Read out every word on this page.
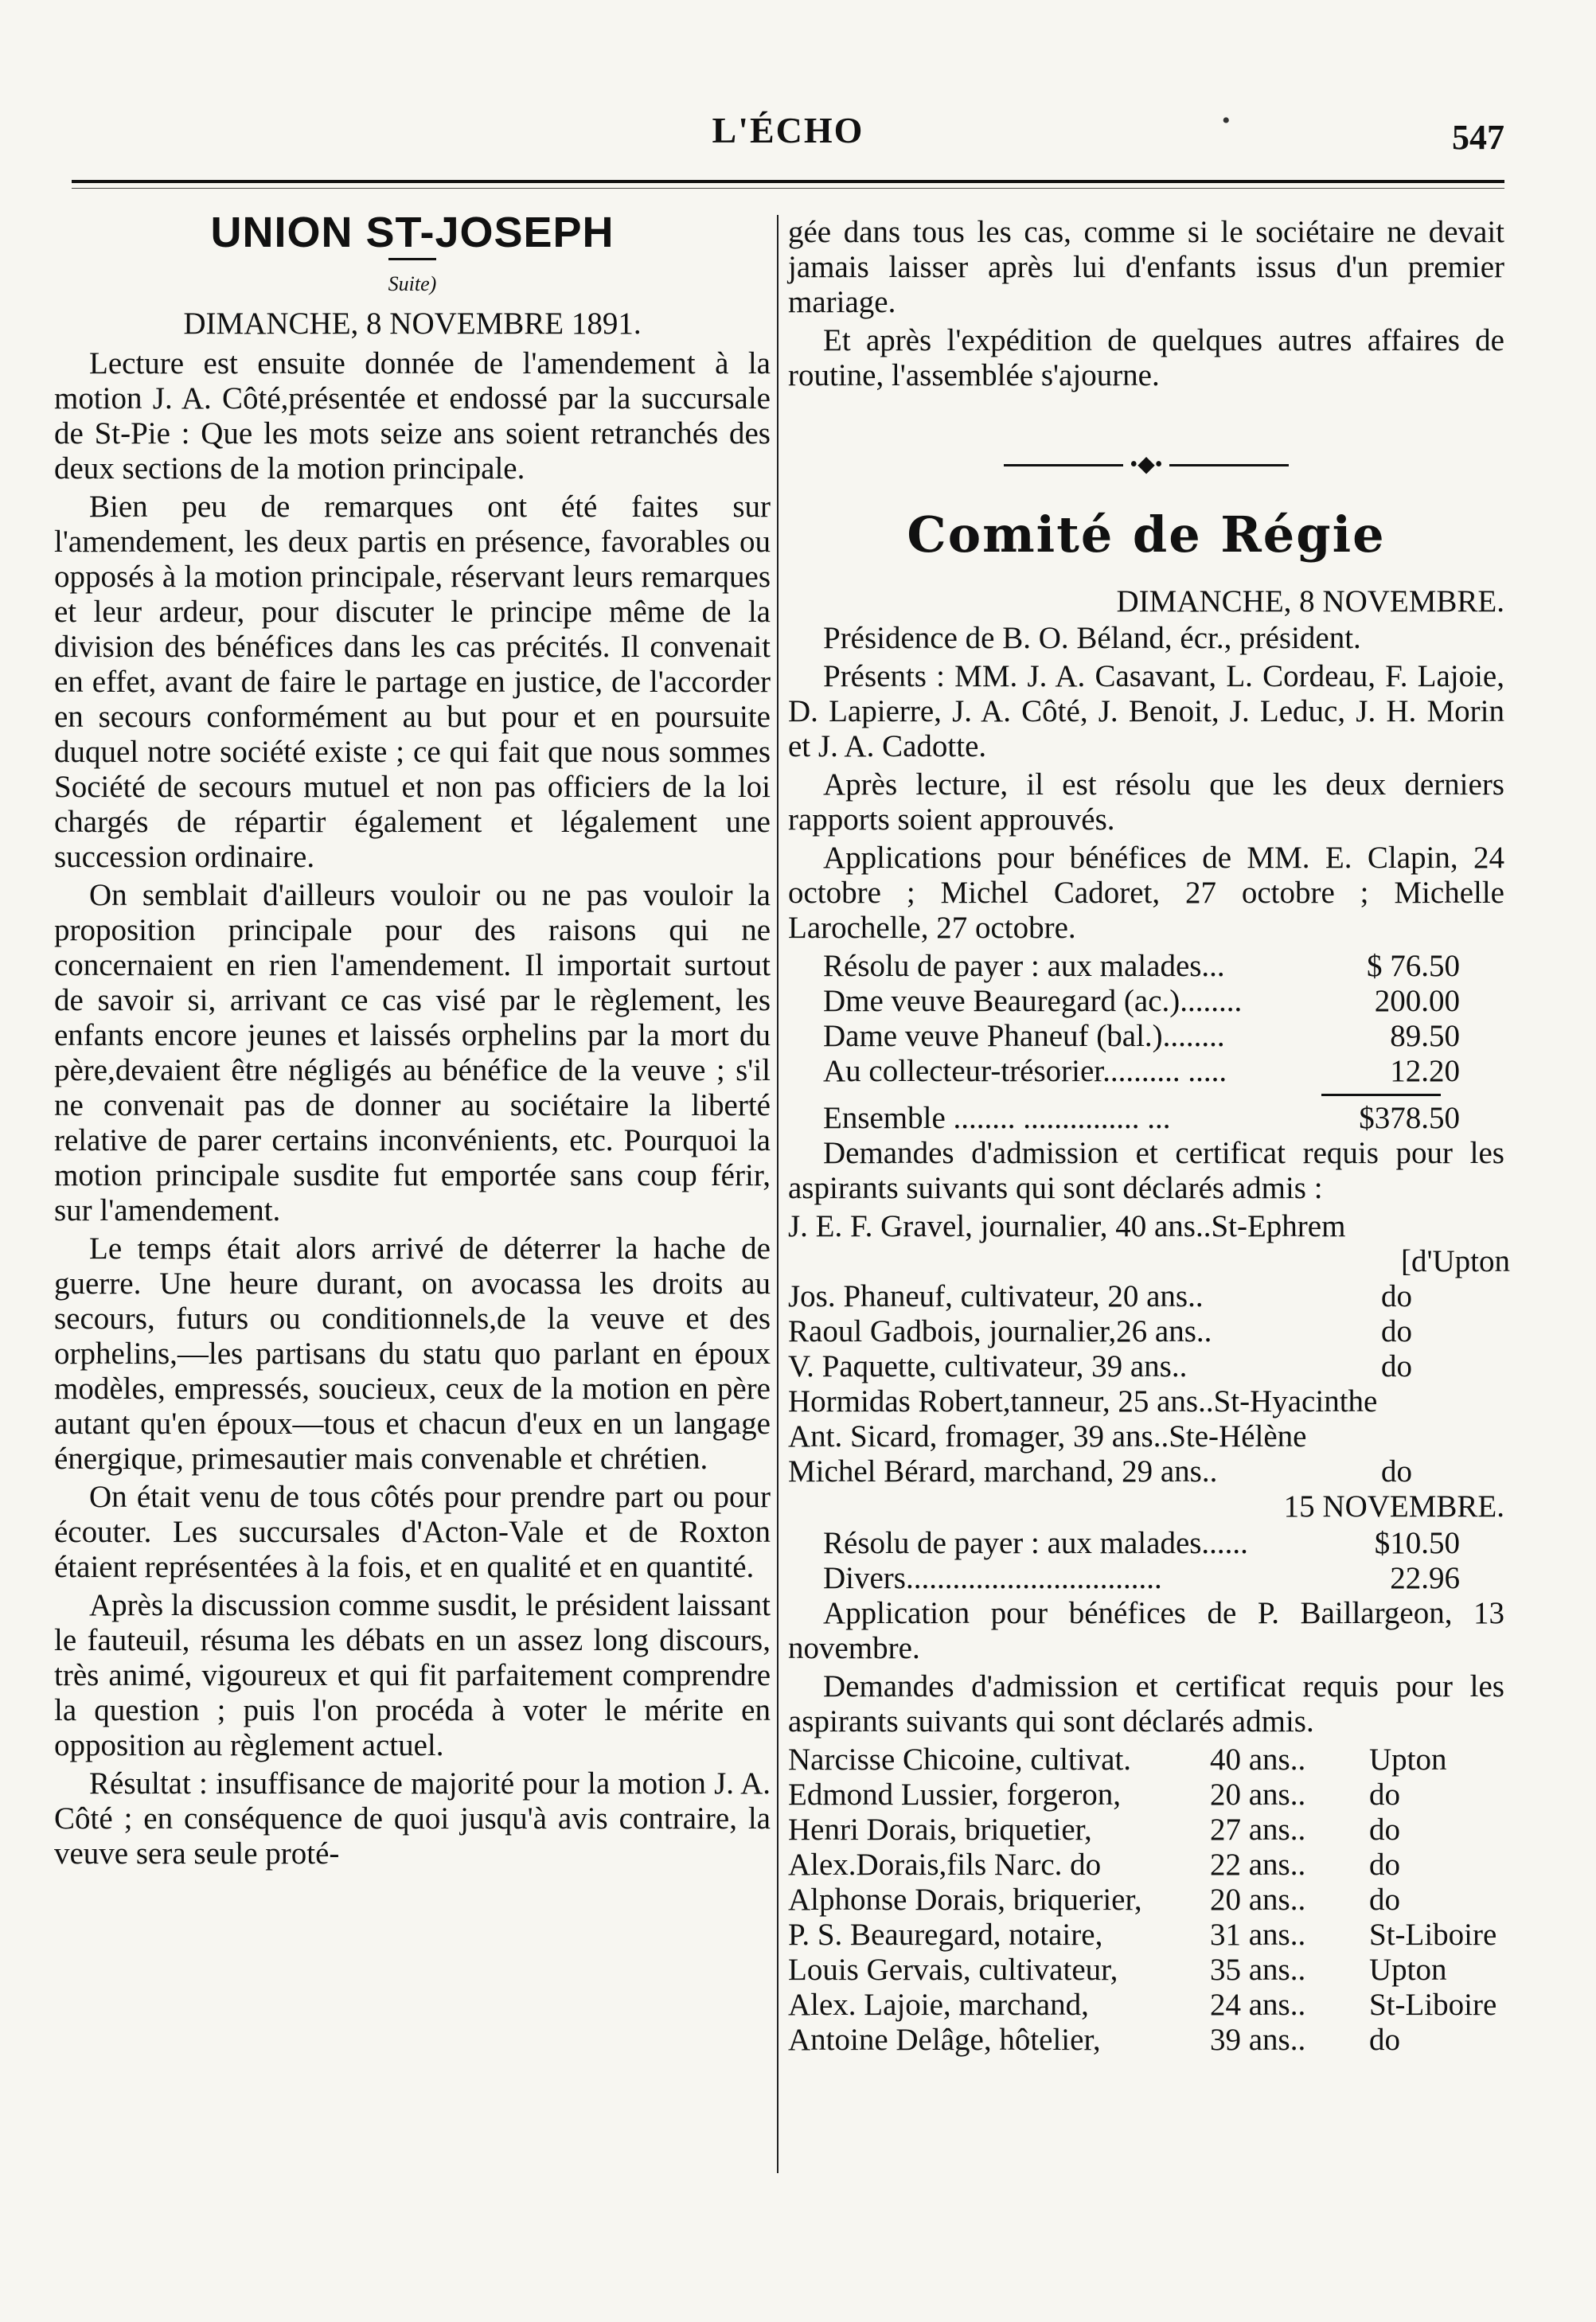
L'ÉCHO	547
•
UNION ST-JOSEPH
Suite)
DIMANCHE, 8 NOVEMBRE 1891.

Lecture est ensuite donnée de l'amendement à la motion J. A. Côté,présentée et endossé par la succursale de St-Pie : Que les mots seize ans soient retranchés des deux sections de la motion principale.

Bien peu de remarques ont été faites sur l'amendement, les deux partis en présence, favorables ou opposés à la motion principale, réservant leurs remarques et leur ardeur, pour discuter le principe même de la division des bénéfices dans les cas précités. Il convenait en effet, avant de faire le partage en justice, de l'accorder en secours conformément au but pour et en poursuite duquel notre société existe ; ce qui fait que nous sommes Société de secours mutuel et non pas officiers de la loi chargés de répartir également et légalement une succession ordinaire.

On semblait d'ailleurs vouloir ou ne pas vouloir la proposition principale pour des raisons qui ne concernaient en rien l'amendement. Il importait surtout de savoir si, arrivant ce cas visé par le règlement, les enfants encore jeunes et laissés orphelins par la mort du père,devaient être négligés au bénéfice de la veuve ; s'il ne convenait pas de donner au sociétaire la liberté relative de parer certains inconvénients, etc. Pourquoi la motion principale susdite fut emportée sans coup férir, sur l'amendement.

Le temps était alors arrivé de déterrer la hache de guerre. Une heure durant, on avocassa les droits au secours, futurs ou conditionnels,de la veuve et des orphelins,—les partisans du statu quo parlant en époux modèles, empressés, soucieux, ceux de la motion en père autant qu'en époux—tous et chacun d'eux en un langage énergique, primesautier mais convenable et chrétien.

On était venu de tous côtés pour prendre part ou pour écouter. Les succursales d'Acton-Vale et de Roxton étaient représentées à la fois, et en qualité et en quantité.

Après la discussion comme susdit, le président laissant le fauteuil, résuma les débats en un assez long discours, très animé, vigoureux et qui fit parfaitement comprendre la question ; puis l'on procéda à voter le mérite en opposition au règlement actuel.

Résultat : insuffisance de majorité pour la motion J. A. Côté ; en conséquence de quoi jusqu'à avis contraire, la veuve sera seule proté-

gée dans tous les cas, comme si le sociétaire ne devait jamais laisser après lui d'enfants issus d'un premier mariage.

Et après l'expédition de quelques autres affaires de routine, l'assemblée s'ajourne.

•◆•
Comité de Régie
DIMANCHE, 8 NOVEMBRE.

Présidence de B. O. Béland, écr., président.

Présents : MM. J. A. Casavant, L. Cordeau, F. Lajoie, D. Lapierre, J. A. Côté, J. Benoit, J. Leduc, J. H. Morin et J. A. Cadotte.

Après lecture, il est résolu que les deux derniers rapports soient approuvés.

Applications pour bénéfices de MM. E. Clapin, 24 octobre ; Michel Cadoret, 27 octobre ; Michelle Larochelle, 27 octobre.

Résolu de payer : aux malades...	$ 76.50
Dme veuve Beauregard (ac.)........	200.00
Dame veuve Phaneuf (bal.)........	89.50
Au collecteur-trésorier.......... .....	12.20
Ensemble ........ ............... ...	$378.50

Demandes d'admission et certificat requis pour les aspirants suivants qui sont déclarés admis :

J. E. F. Gravel, journalier, 40 ans..St-Ephrem
[d'Upton
Jos. Phaneuf, cultivateur, 20 ans..	do
Raoul Gadbois, journalier,26 ans..	do
V. Paquette, cultivateur, 39 ans..	do
Hormidas Robert,tanneur, 25 ans..St-Hyacinthe
Ant. Sicard, fromager, 39 ans..Ste-Hélène
Michel Bérard, marchand, 29 ans..	do
15 NOVEMBRE.
Résolu de payer : aux malades......	$10.50
Divers.................................	22.96

Application pour bénéfices de P. Baillargeon, 13 novembre.

Demandes d'admission et certificat requis pour les aspirants suivants qui sont déclarés admis.

Narcisse Chicoine, cultivat.	40 ans.. Upton
Edmond Lussier, forgeron,	20 ans.. do
Henri Dorais, briquetier,	27 ans.. do
Alex.Dorais,fils Narc. do	22 ans.. do
Alphonse Dorais, briquerier, 20 ans.. do
P. S. Beauregard, notaire,	31 ans.. St-Liboire
Louis Gervais, cultivateur,	35 ans.. Upton
Alex. Lajoie, marchand,	24 ans.. St-Liboire
Antoine Delâge, hôtelier,	39 ans.. do
